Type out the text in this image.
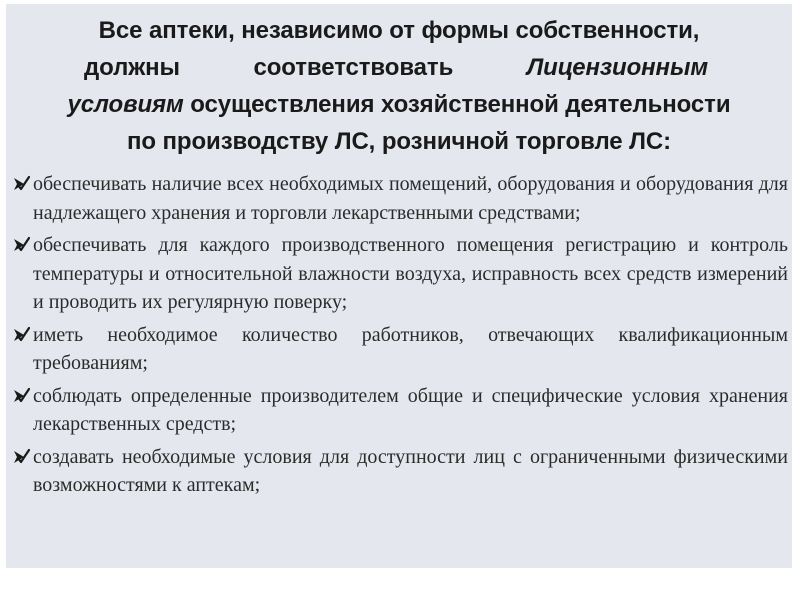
Все аптеки, независимо от формы собственности,
должны соответствовать	Лицензионным
условиям осуществления хозяйственной деятельности
по производству ЛС, розничной торговле ЛС:
обеспечивать наличие всех необходимых помещений, оборудования и оборудования для надлежащего хранения и торговли лекарственными средствами;
обеспечивать для каждого производственного помещения регистрацию и контроль температуры и относительной влажности воздуха, исправность всех средств измерений и проводить их регулярную поверку;
иметь необходимое количество работников, отвечающих квалификационным требованиям;
соблюдать определенные производителем общие и специфические условия хранения лекарственных средств;
создавать необходимые условия для доступности лиц с ограниченными физическими возможностями к аптекам;
